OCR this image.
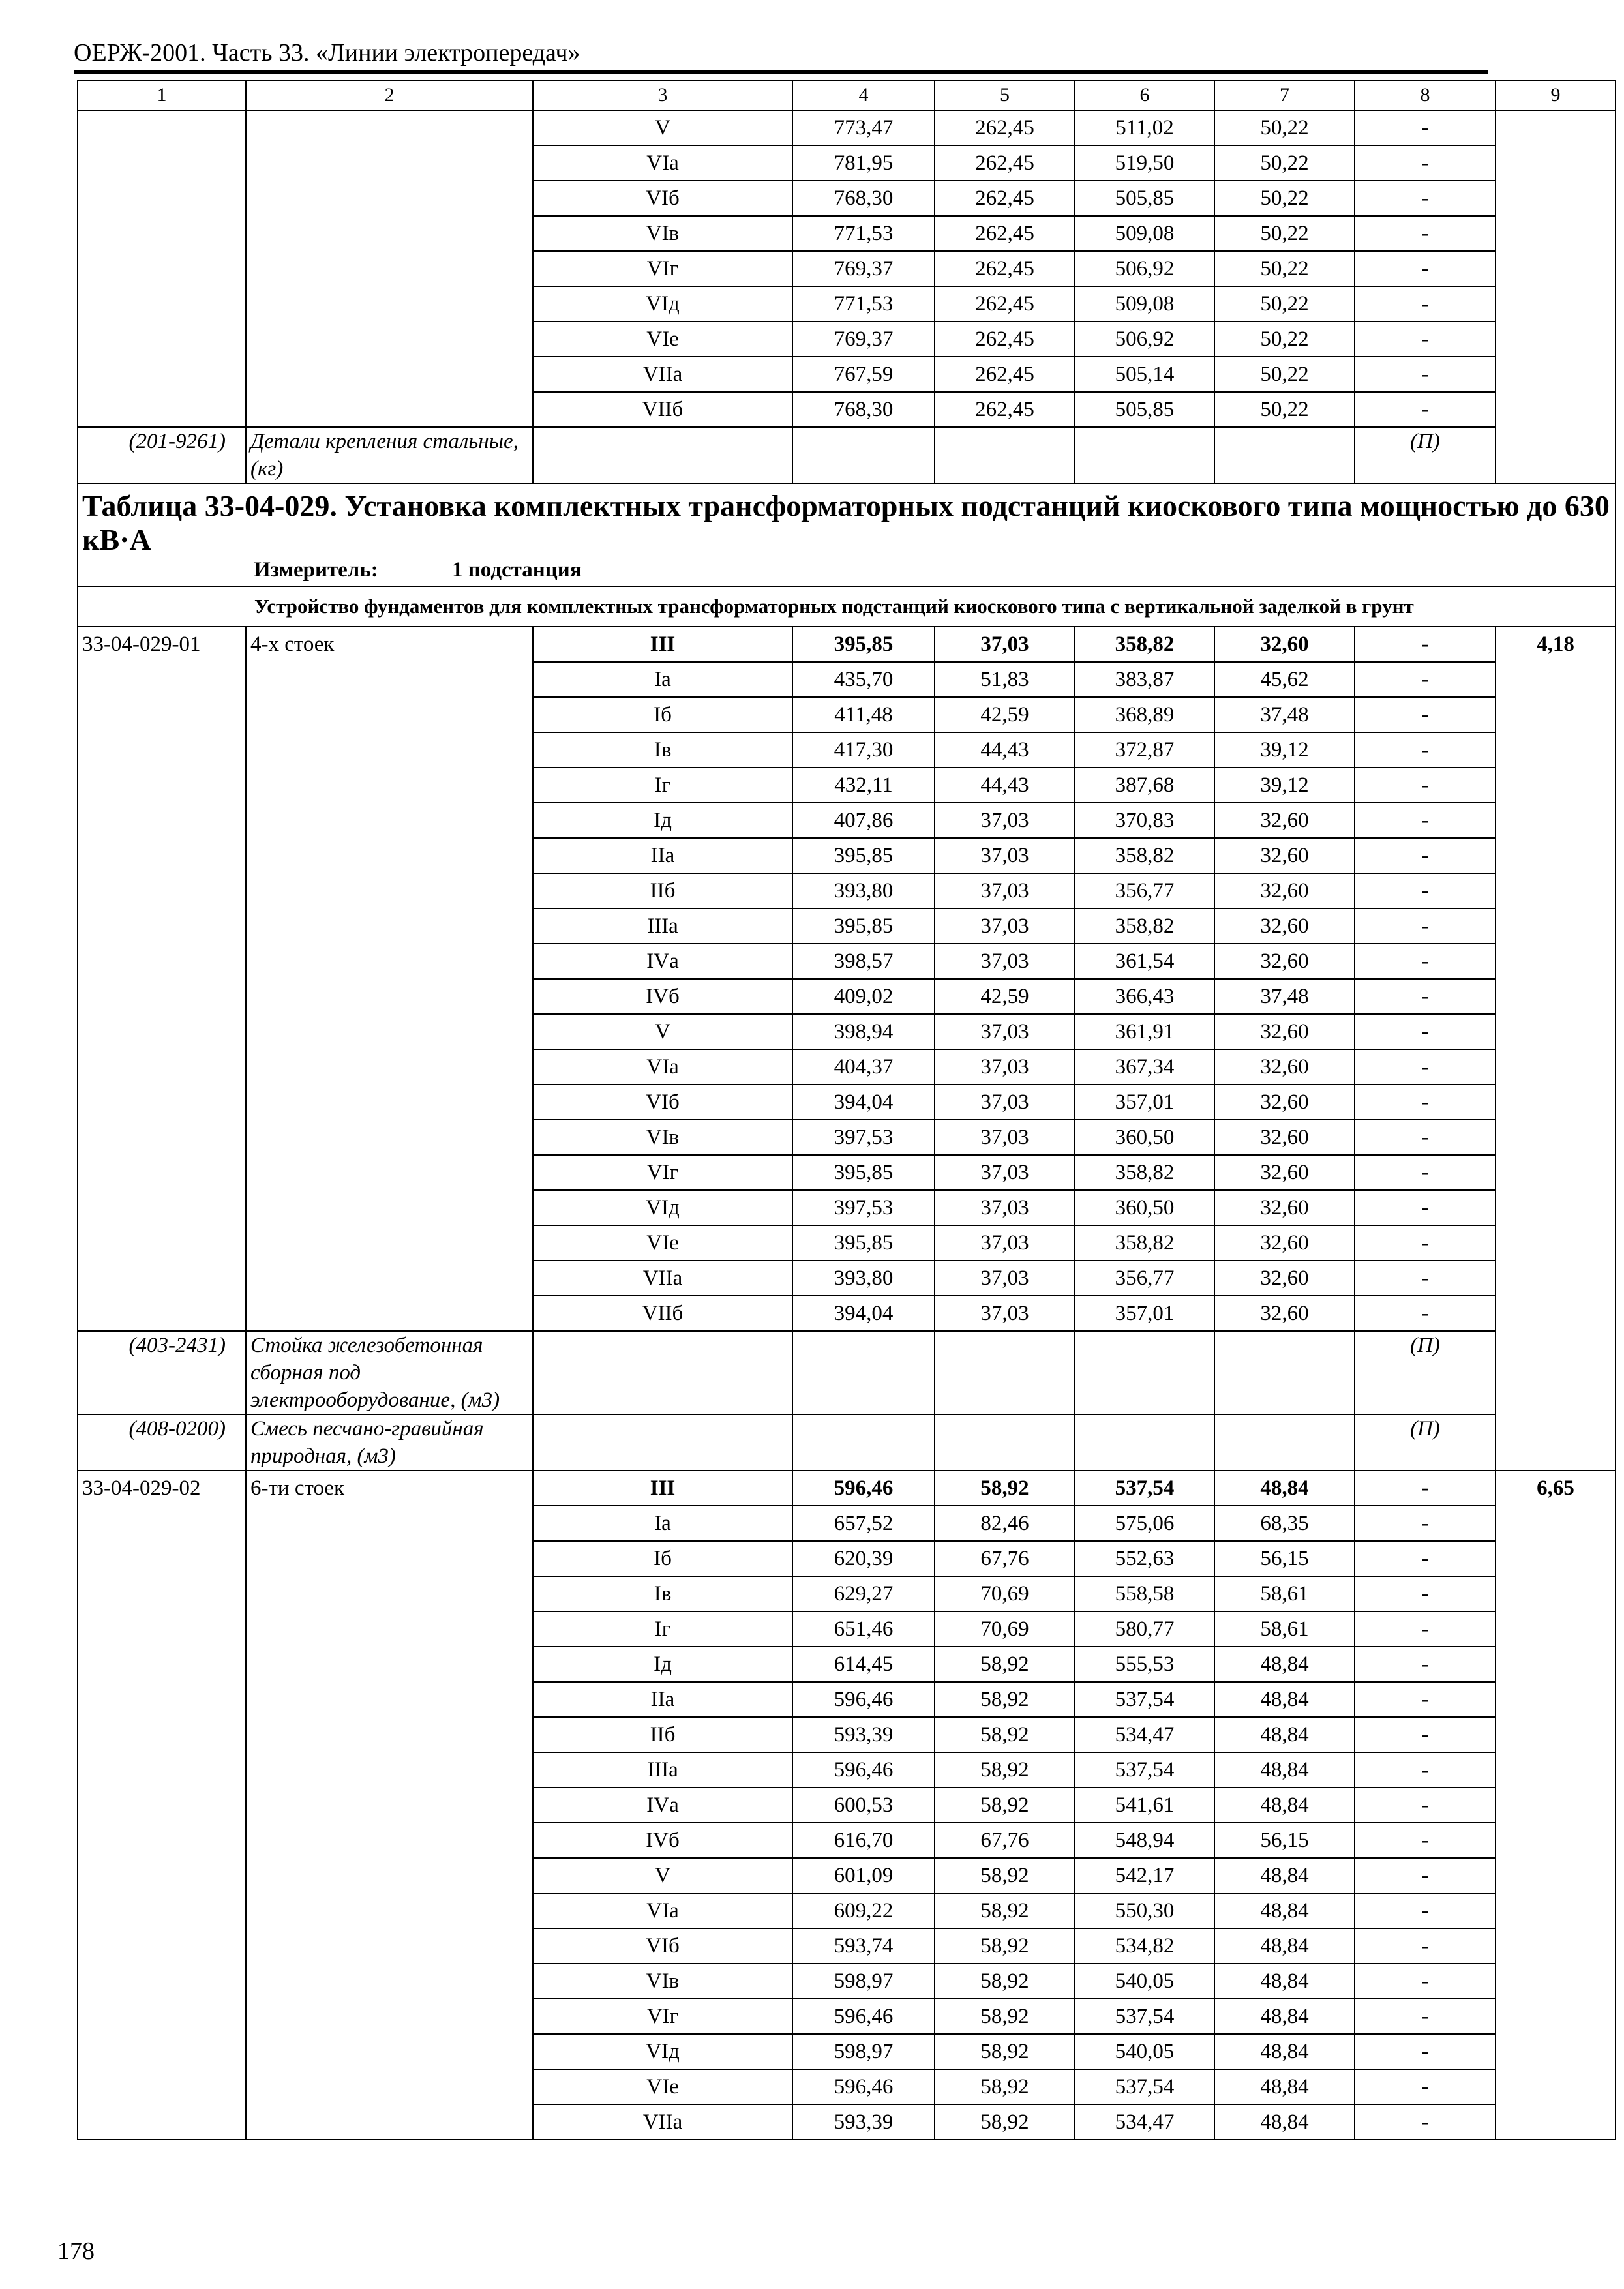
ОЕРЖ-2001. Часть 33. «Линии электропередач»
1	2	3	4	5	6	7	8	9
		V	773,47	262,45	511,02	50,22	-	
		VIа	781,95	262,45	519,50	50,22	-	
		VIб	768,30	262,45	505,85	50,22	-	
		VIв	771,53	262,45	509,08	50,22	-	
		VIг	769,37	262,45	506,92	50,22	-	
		VIд	771,53	262,45	509,08	50,22	-	
		VIе	769,37	262,45	506,92	50,22	-	
		VIIа	767,59	262,45	505,14	50,22	-	
		VIIб	768,30	262,45	505,85	50,22	-	
(201-9261)	Детали крепления стальные, (кг)						(П)	

Таблица 33-04-029. Установка комплектных трансформаторных подстанций киоскового типа мощностью до 630 кВ·А
Измеритель: 1 подстанция								

Устройство фундаментов для комплектных трансформаторных подстанций киоскового типа с вертикальной заделкой в грунт								
33-04-029-01	4-х стоек	III	395,85	37,03	358,82	32,60	-	4,18
		Iа	435,70	51,83	383,87	45,62	-	
		Iб	411,48	42,59	368,89	37,48	-	
		Iв	417,30	44,43	372,87	39,12	-	
		Iг	432,11	44,43	387,68	39,12	-	
		Iд	407,86	37,03	370,83	32,60	-	
		IIа	395,85	37,03	358,82	32,60	-	
		IIб	393,80	37,03	356,77	32,60	-	
		IIIа	395,85	37,03	358,82	32,60	-	
		IVа	398,57	37,03	361,54	32,60	-	
		IVб	409,02	42,59	366,43	37,48	-	
		V	398,94	37,03	361,91	32,60	-	
		VIа	404,37	37,03	367,34	32,60	-	
		VIб	394,04	37,03	357,01	32,60	-	
		VIв	397,53	37,03	360,50	32,60	-	
		VIг	395,85	37,03	358,82	32,60	-	
		VIд	397,53	37,03	360,50	32,60	-	
		VIе	395,85	37,03	358,82	32,60	-	
		VIIа	393,80	37,03	356,77	32,60	-	
		VIIб	394,04	37,03	357,01	32,60	-	
(403-2431)	Стойка железобетонная сборная под электрооборудование, (м3)						(П)	
(408-0200)	Смесь песчано-гравийная природная, (м3)						(П)	
33-04-029-02	6-ти стоек	III	596,46	58,92	537,54	48,84	-	6,65
		Iа	657,52	82,46	575,06	68,35	-	
		Iб	620,39	67,76	552,63	56,15	-	
		Iв	629,27	70,69	558,58	58,61	-	
		Iг	651,46	70,69	580,77	58,61	-	
		Iд	614,45	58,92	555,53	48,84	-	
		IIа	596,46	58,92	537,54	48,84	-	
		IIб	593,39	58,92	534,47	48,84	-	
		IIIа	596,46	58,92	537,54	48,84	-	
		IVа	600,53	58,92	541,61	48,84	-	
		IVб	616,70	67,76	548,94	56,15	-	
		V	601,09	58,92	542,17	48,84	-	
		VIа	609,22	58,92	550,30	48,84	-	
		VIб	593,74	58,92	534,82	48,84	-	
		VIв	598,97	58,92	540,05	48,84	-	
		VIг	596,46	58,92	537,54	48,84	-	
		VIд	598,97	58,92	540,05	48,84	-	
		VIе	596,46	58,92	537,54	48,84	-	
		VIIа	593,39	58,92	534,47	48,84	-	
178
